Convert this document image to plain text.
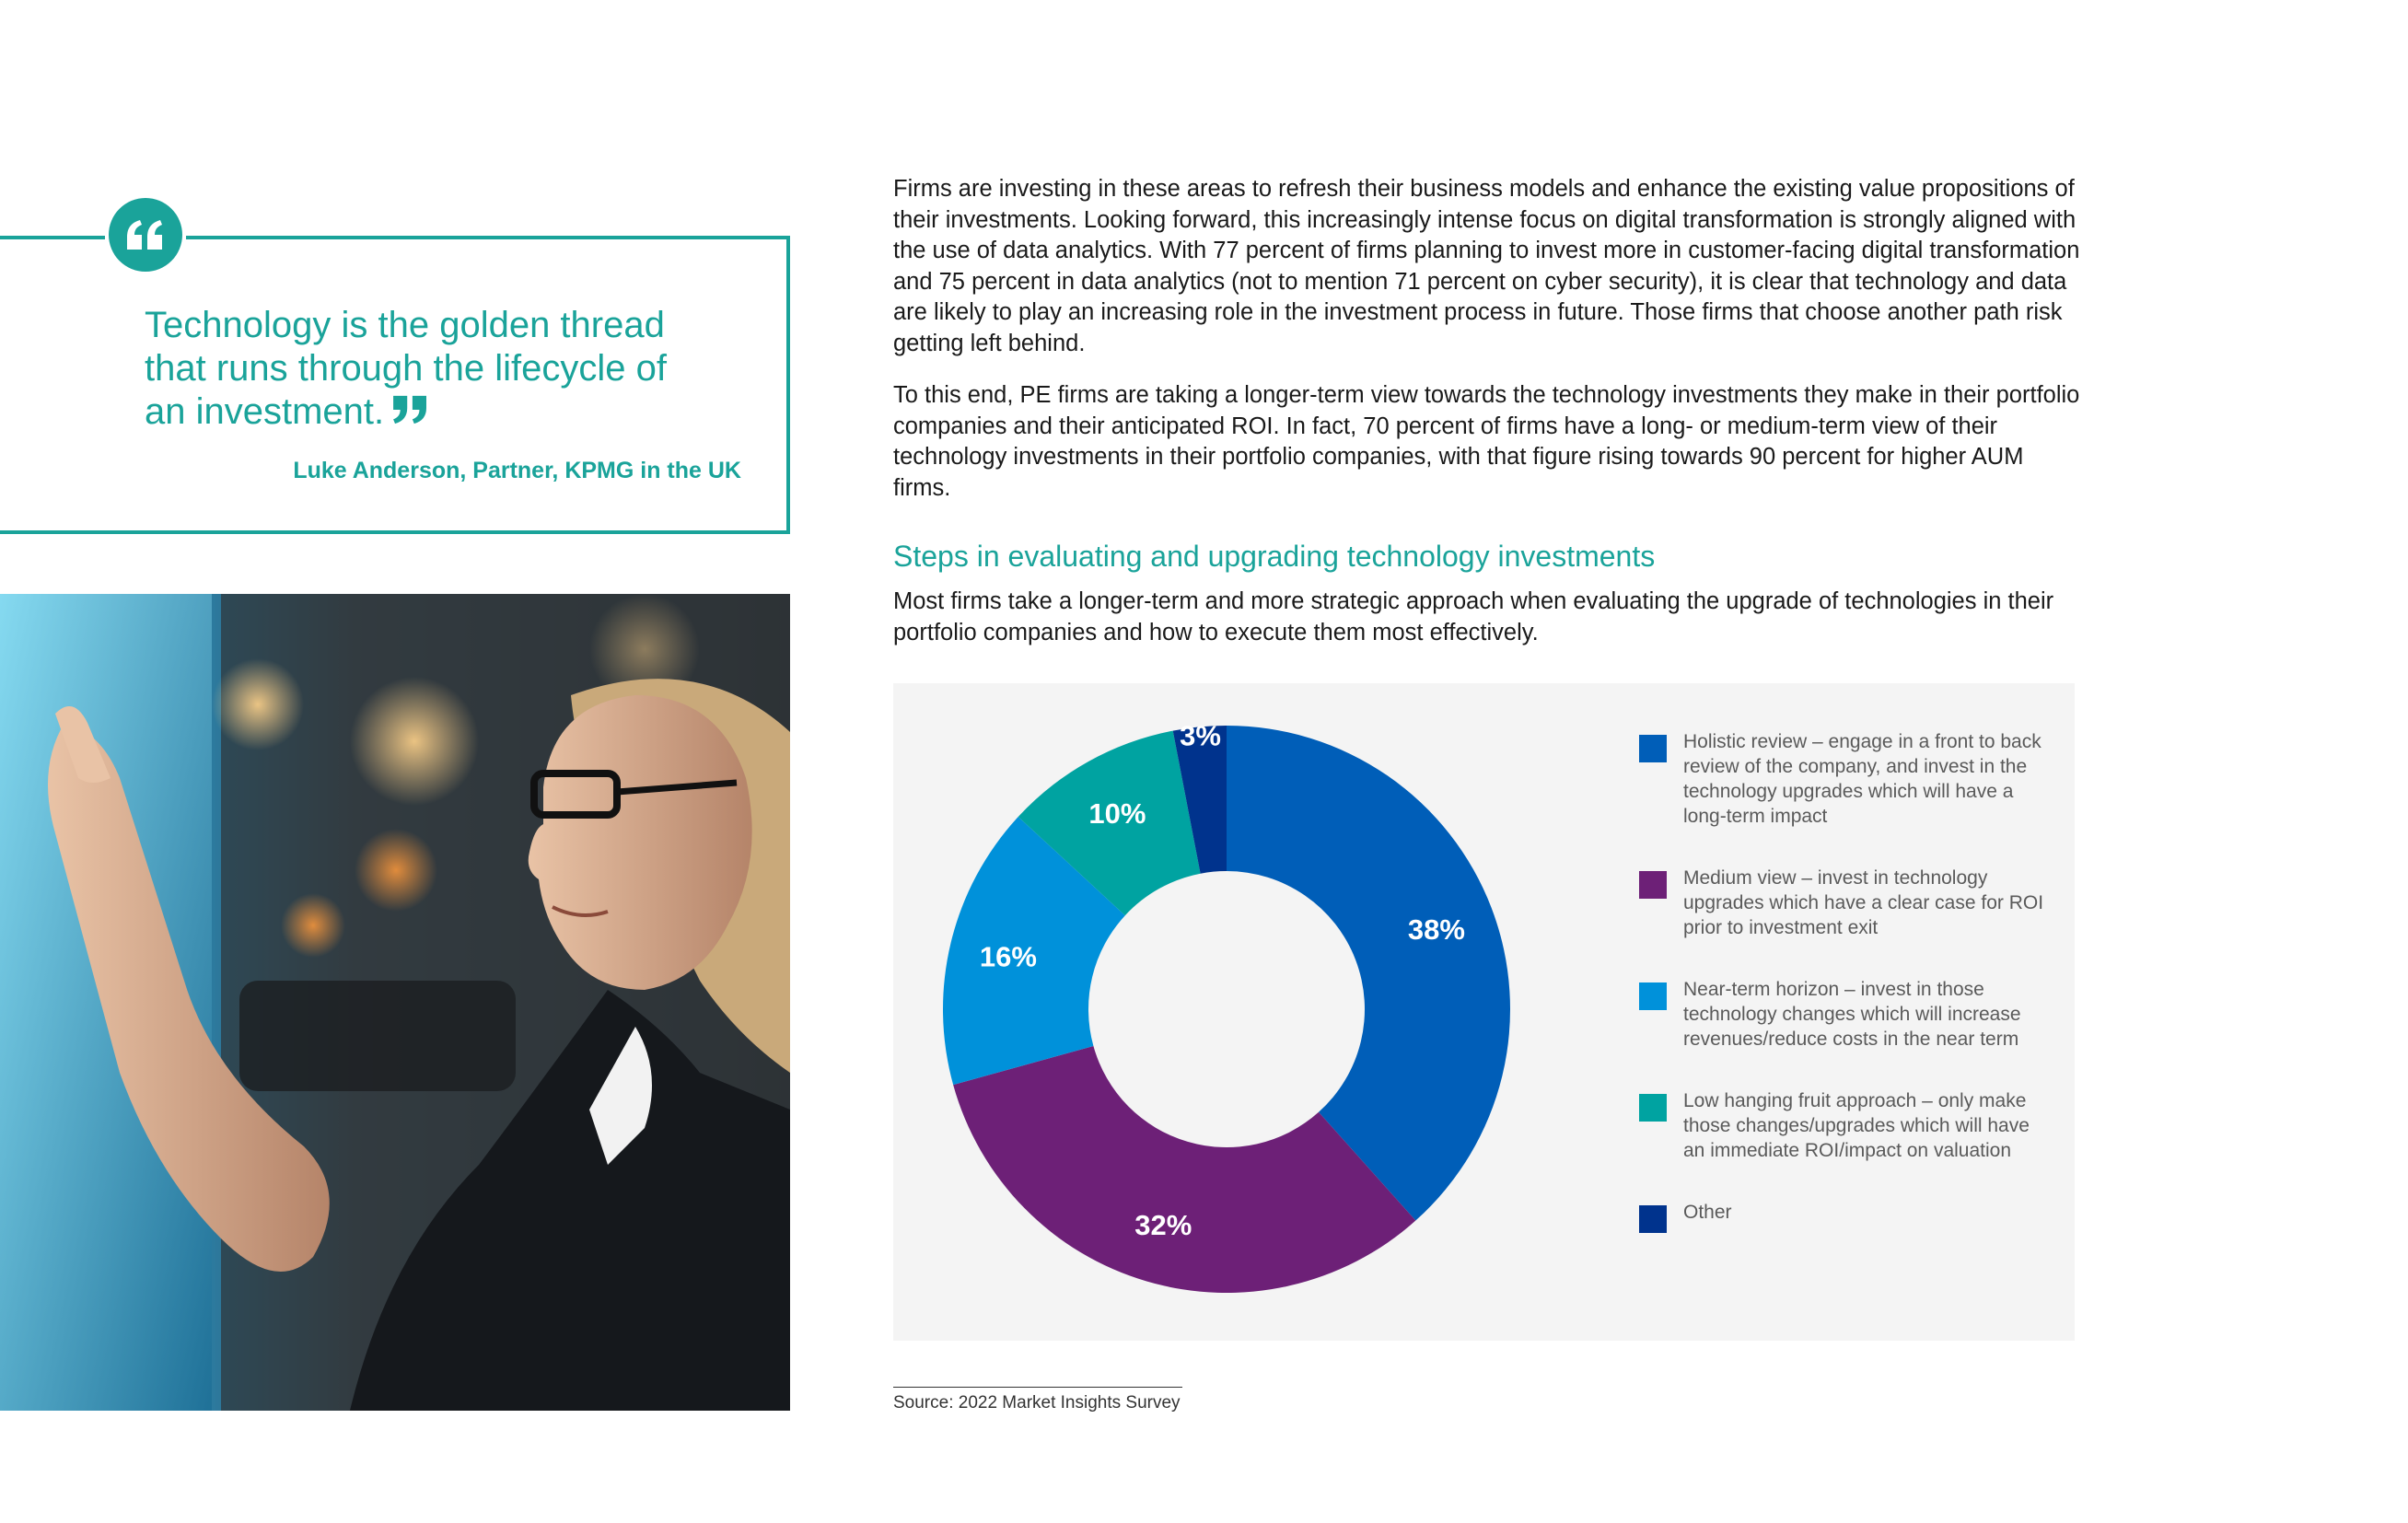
Technology is the golden thread that runs through the lifecycle of an investment.
Luke Anderson, Partner, KPMG in the UK

Firms are investing in these areas to refresh their business models and enhance the existing value propositions of their investments. Looking forward, this increasingly intense focus on digital transformation is strongly aligned with the use of data analytics. With 77 percent of firms planning to invest more in customer-facing digital transformation and 75 percent in data analytics (not to mention 71 percent on cyber security), it is clear that technology and data are likely to play an increasing role in the investment process in future. Those firms that choose another path risk getting left behind.

To this end, PE firms are taking a longer-term view towards the technology investments they make in their portfolio companies and their anticipated ROI. In fact, 70 percent of firms have a long- or medium-term view of their technology investments in their portfolio companies, with that figure rising towards 90 percent for higher AUM firms.

Steps in evaluating and upgrading technology investments

Most firms take a longer-term and more strategic approach when evaluating the upgrade of technologies in their portfolio companies and how to execute them most effectively.

38%
32%
16%
10%
3%	Holistic review – engage in a front to back review of the company, and invest in the technology upgrades which will have a long-term impact
Medium view – invest in technology upgrades which have a clear case for ROI prior to investment exit
Near-term horizon – invest in those technology changes which will increase revenues/reduce costs in the near term
Low hanging fruit approach – only make those changes/upgrades which will have an immediate ROI/impact on valuation
Other
Source: 2022 Market Insights Survey
